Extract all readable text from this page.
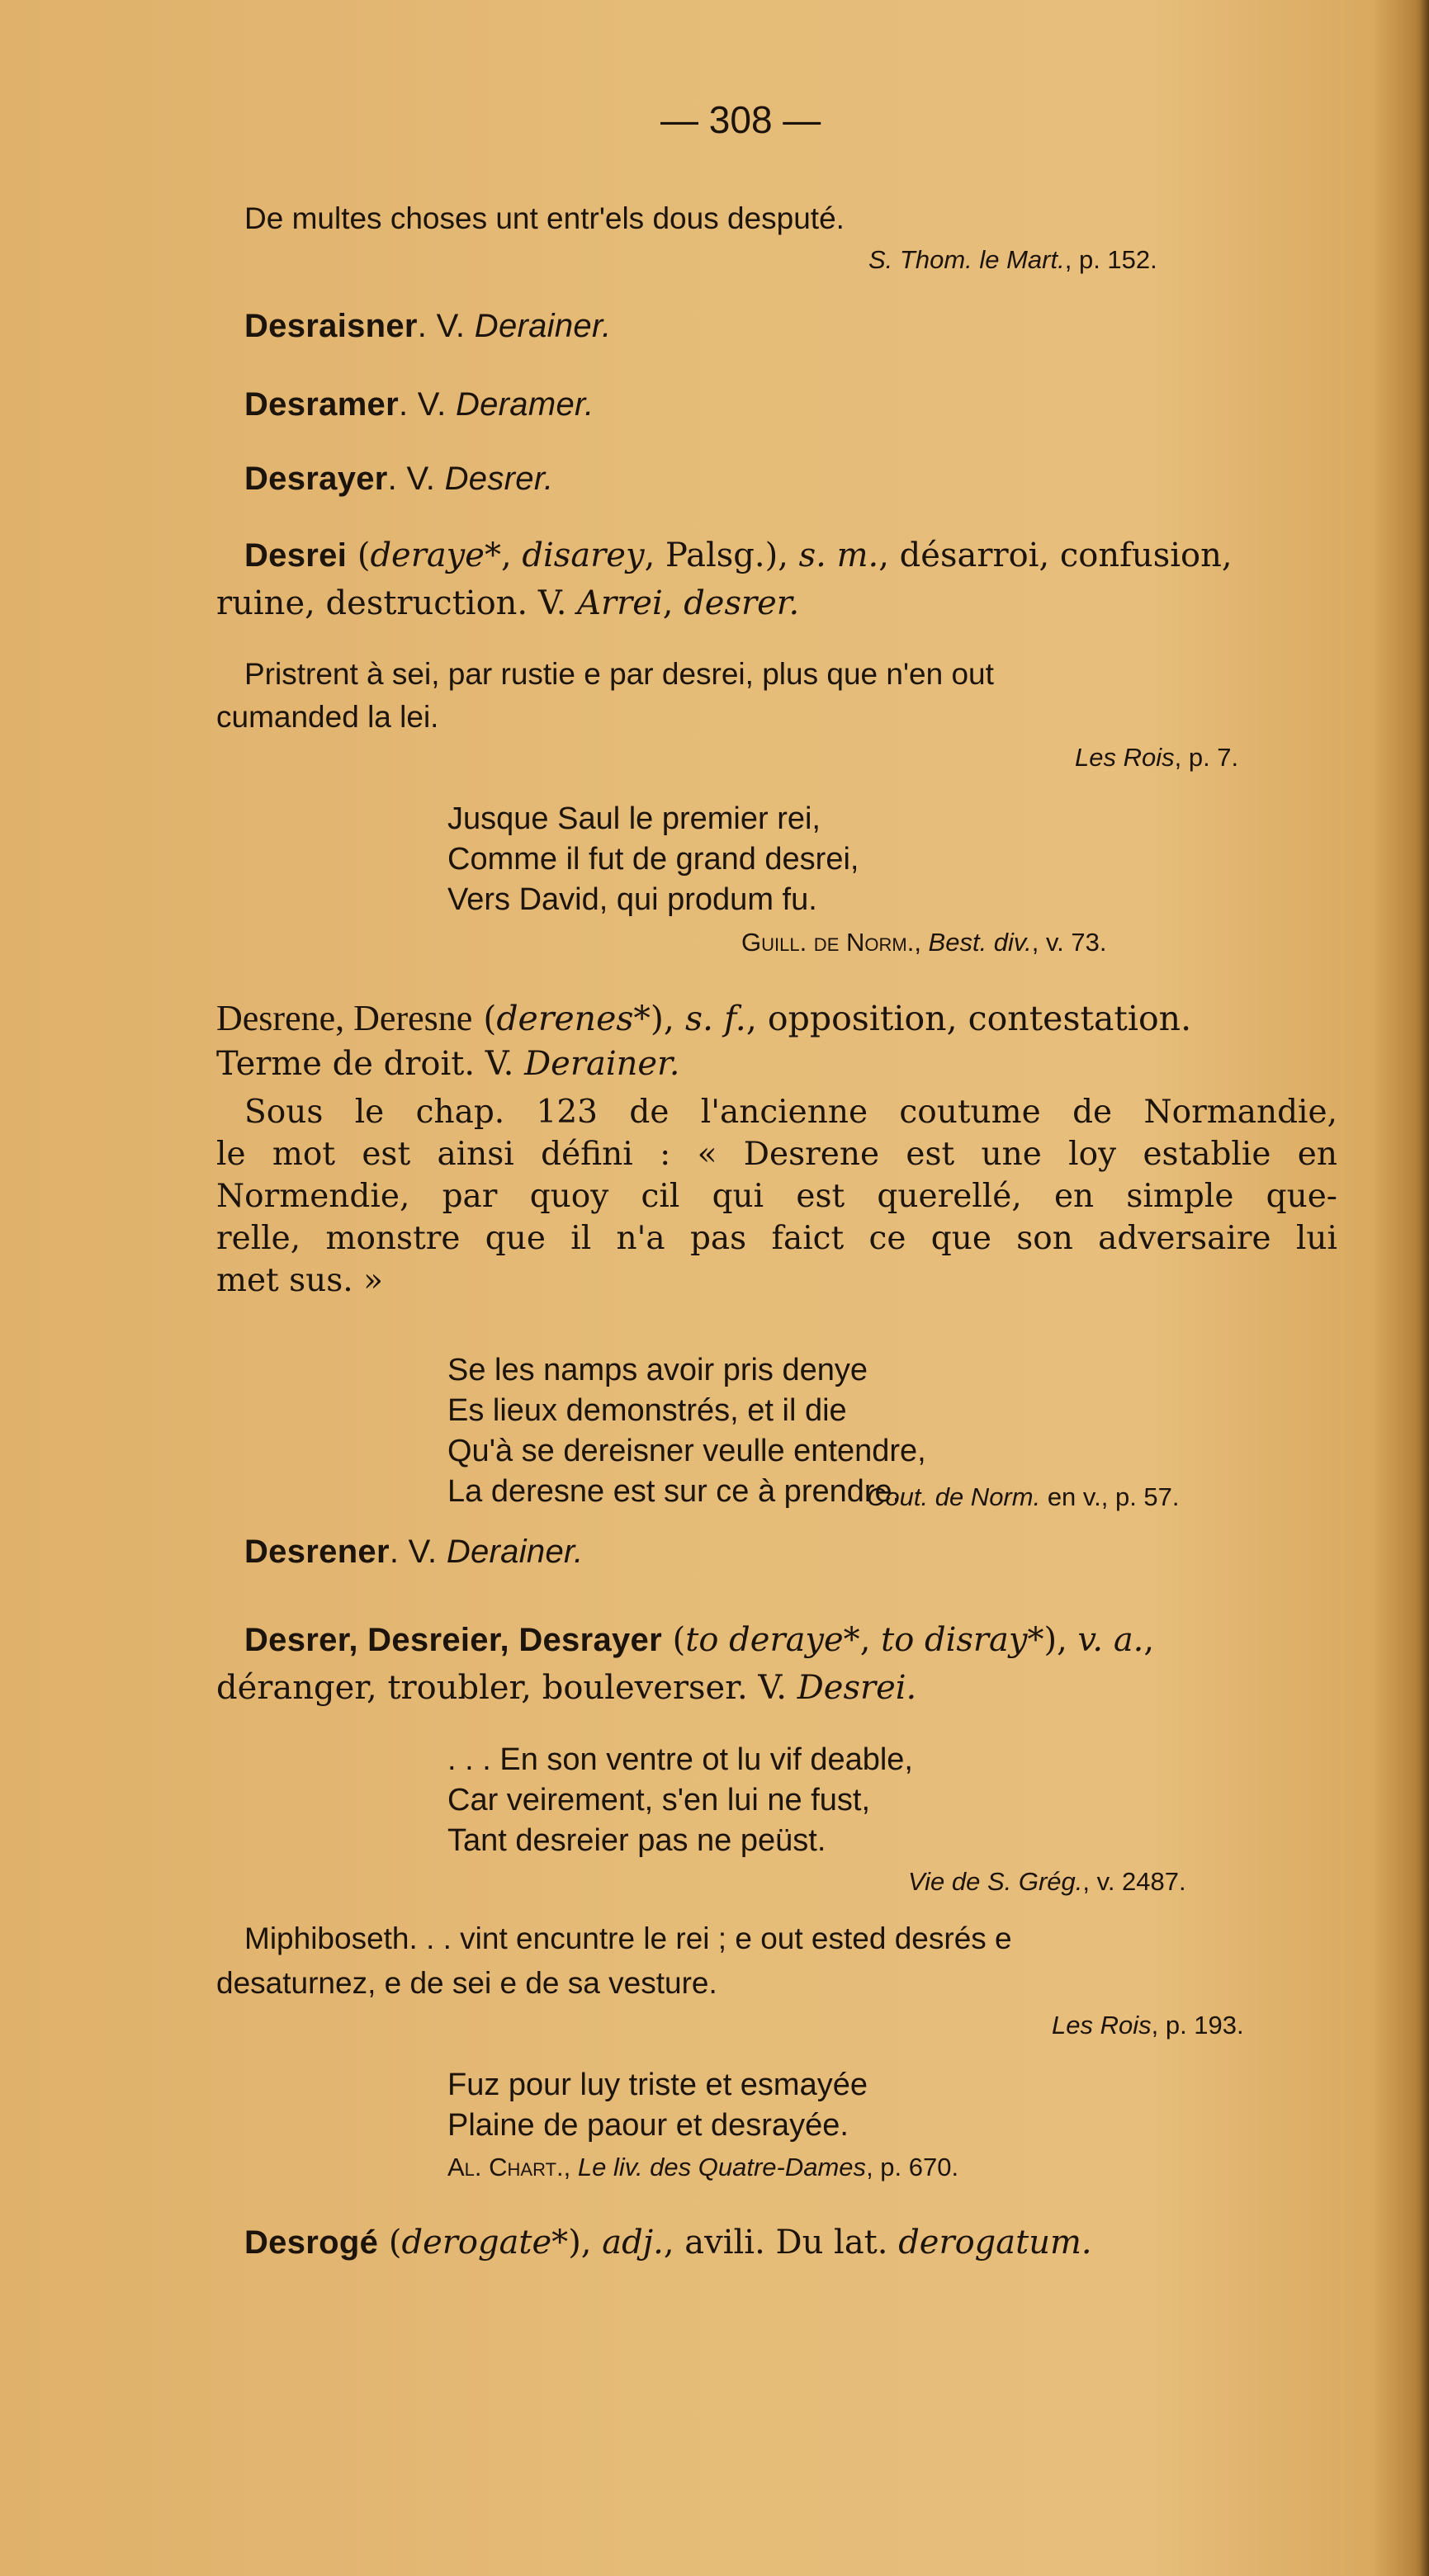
— 308 —

De multes choses unt entr'els dous desputé.

S. Thom. le Mart., p. 152.

Desraisner. V. Derainer.

Desramer. V. Deramer.

Desrayer. V. Desrer.

Desrei (deraye*, disarey, Palsg.), s. m., désarroi, confusion,

ruine, destruction. V. Arrei, desrer.

Pristrent à sei, par rustie e par desrei, plus que n'en out

cumanded la lei.

Les Rois, p. 7.

Jusque Saul le premier rei,
Comme il fut de grand desrei,
Vers David, qui produm fu.

Guill. de Norm., Best. div., v. 73.

Desrene, Deresne (derenes*), s. f., opposition, contestation.

Terme de droit. V. Derainer.

Sous le chap. 123 de l'ancienne coutume de Normandie,
le mot est ainsi défini : « Desrene est une loy establie en
Normendie, par quoy cil qui est querellé, en simple que-
relle, monstre que il n'a pas faict ce que son adversaire lui
met sus. »
Se les namps avoir pris denye
Es lieux demonstrés, et il die
Qu'à se dereisner veulle entendre,
La deresne est sur ce à prendre.

Cout. de Norm. en v., p. 57.

Desrener. V. Derainer.

Desrer, Desreier, Desrayer (to deraye*, to disray*), v. a.,

déranger, troubler, bouleverser. V. Desrei.

. . . En son ventre ot lu vif deable,
Car veirement, s'en lui ne fust,
Tant desreier pas ne peüst.

Vie de S. Grég., v. 2487.

Miphiboseth. . . vint encuntre le rei ; e out ested desrés e

desaturnez, e de sei e de sa vesture.

Les Rois, p. 193.

Fuz pour luy triste et esmayée
Plaine de paour et desrayée.

Al. Chart., Le liv. des Quatre-Dames, p. 670.

Desrogé (derogate*), adj., avili. Du lat. derogatum.
